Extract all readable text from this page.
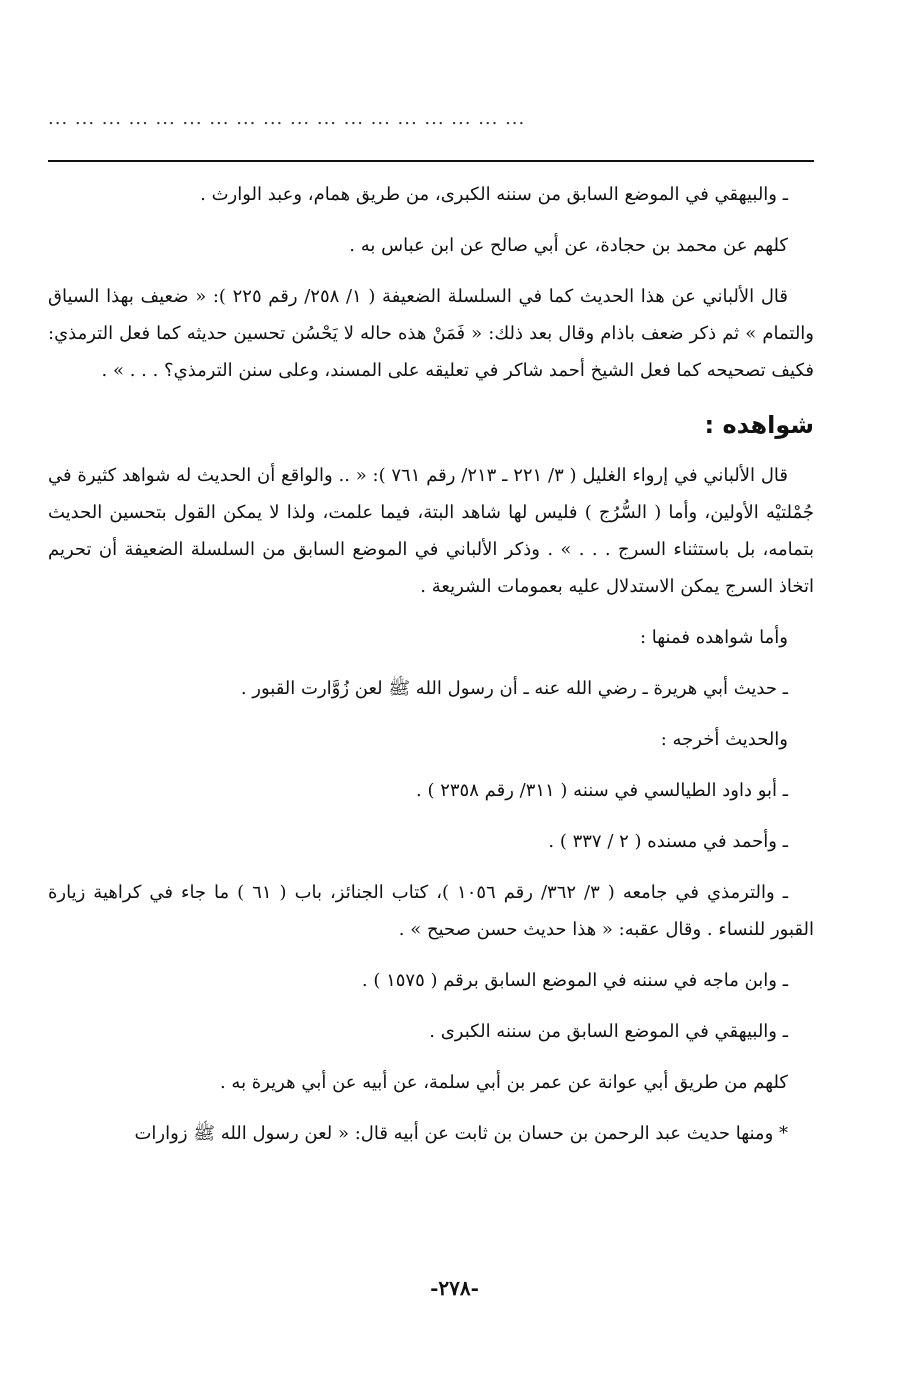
... ... ... ... ... ... ... ... ... ... ... ... ... ... ... ... ... ...

ـ والبيهقي في الموضع السابق من سننه الكبرى، من طريق همام، وعبد الوارث .

كلهم عن محمد بن حجادة، عن أبي صالح عن ابن عباس به .

قال الألباني عن هذا الحديث كما في السلسلة الضعيفة ( ١/ ٢٥٨/ رقم ٢٢٥ ): « ضعيف بهذا السياق والتمام » ثم ذكر ضعف باذام وقال بعد ذلك: « فَمَنْ هذه حاله لا يَحْسُن تحسين حديثه كما فعل الترمذي: فكيف تصحيحه كما فعل الشيخ أحمد شاكر في تعليقه على المسند، وعلى سنن الترمذي؟ . . . » .

شواهده :

قال الألباني في إرواء الغليل ( ٣/ ٢٢١ ـ ٢١٣/ رقم ٧٦١ ): « .. والواقع أن الحديث له شواهد كثيرة في جُمْلتيْه الأولين، وأما ( السُّرُج ) فليس لها شاهد البتة، فيما علمت، ولذا لا يمكن القول بتحسين الحديث بتمامه، بل باستثناء السرج . . . » . وذكر الألباني في الموضع السابق من السلسلة الضعيفة أن تحريم اتخاذ السرج يمكن الاستدلال عليه بعمومات الشريعة .

وأما شواهده فمنها :

ـ حديث أبي هريرة ـ رضي الله عنه ـ أن رسول الله ﷺ لعن زُوَّارت القبور .

والحديث أخرجه :

ـ أبو داود الطيالسي في سننه ( ٣١١/ رقم ٢٣٥٨ ) .

ـ وأحمد في مسنده ( ٢ / ٣٣٧ ) .

ـ والترمذي في جامعه ( ٣/ ٣٦٢/ رقم ١٠٥٦ )، كتاب الجنائز، باب ( ٦١ ) ما جاء في كراهية زيارة القبور للنساء . وقال عقبه: « هذا حديث حسن صحيح » .

ـ وابن ماجه في سننه في الموضع السابق برقم ( ١٥٧٥ ) .

ـ والبيهقي في الموضع السابق من سننه الكبرى .

كلهم من طريق أبي عوانة عن عمر بن أبي سلمة، عن أبيه عن أبي هريرة به .

* ومنها حديث عبد الرحمن بن حسان بن ثابت عن أبيه قال: « لعن رسول الله ﷺ زوارات

-٢٧٨-
